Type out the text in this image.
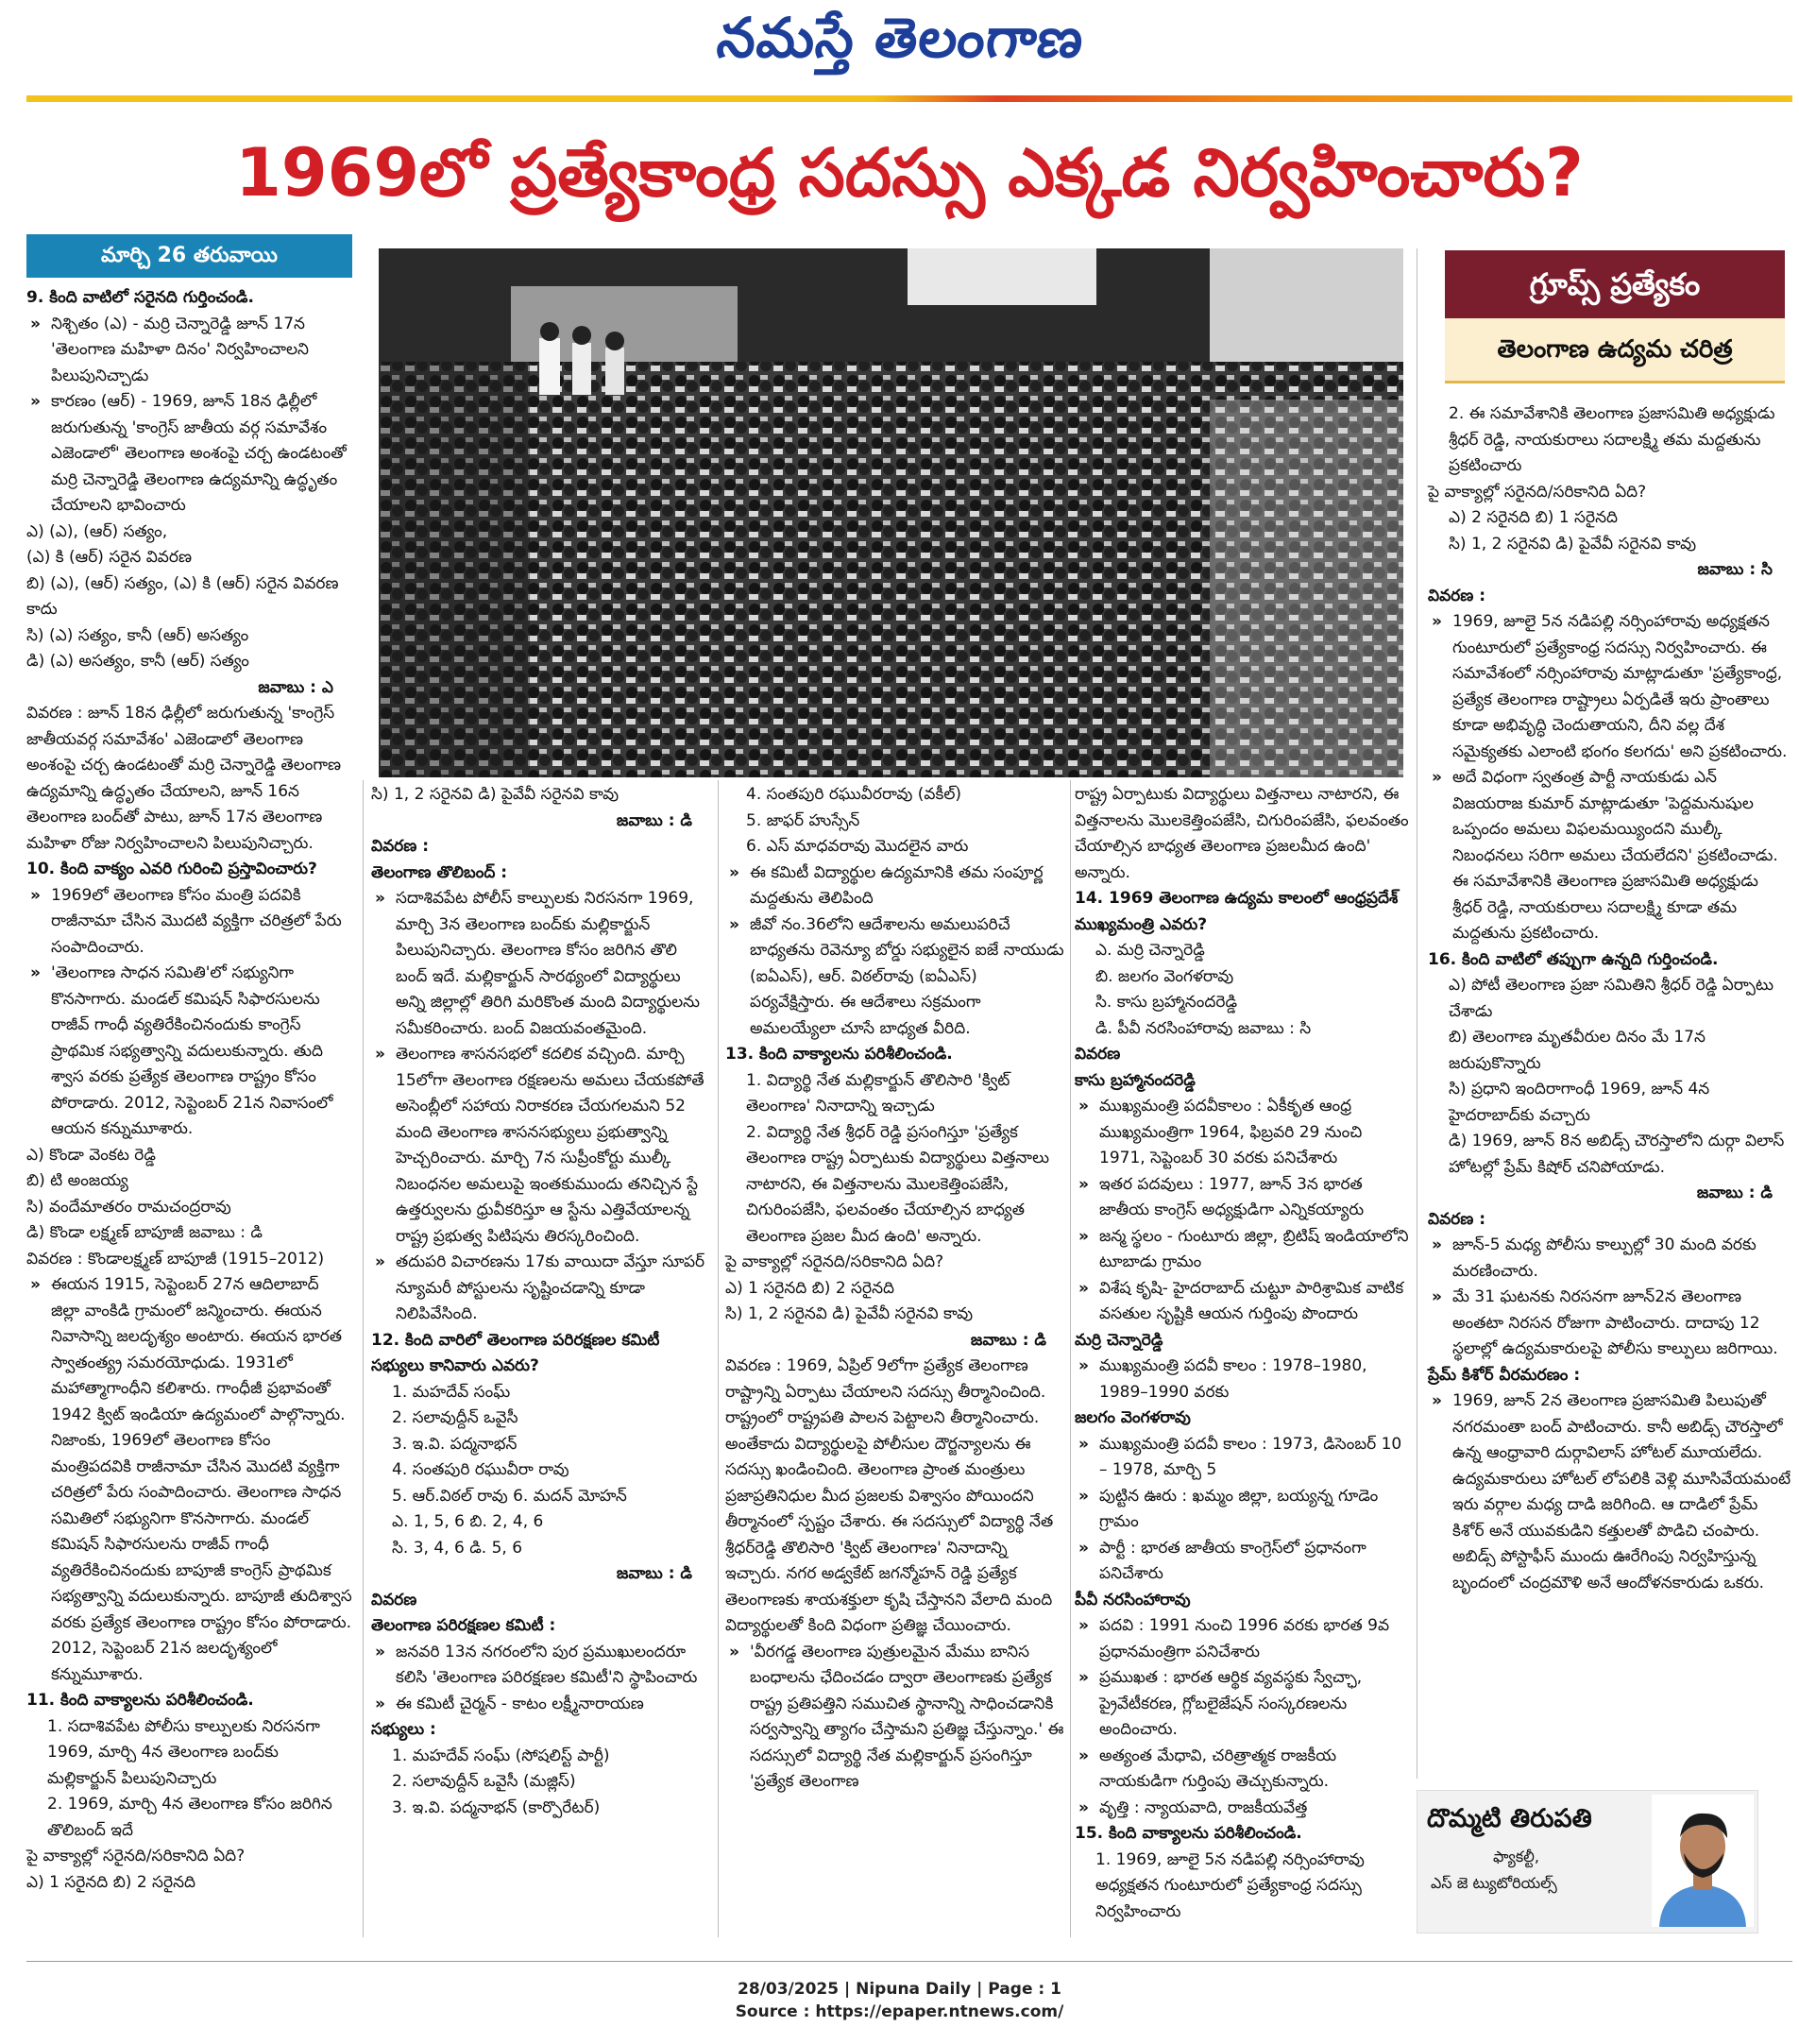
నమస్తే తెలంగాణ
1969లో ప్రత్యేకాంధ్ర సదస్సు ఎక్కడ నిర్వహించారు?
మార్చి 26 తరువాయి

9. కింది వాటిలో సరైనది గుర్తించండి.

» నిశ్చితం (ఎ) - మర్రి చెన్నారెడ్డి జూన్ 17న 'తెలంగాణ మహిళా దినం' నిర్వహించాలని పిలుపునిచ్చాడు

» కారణం (ఆర్) - 1969, జూన్ 18న ఢిల్లీలో జరుగుతున్న 'కాంగ్రెస్ జాతీయ వర్గ సమావేశం ఎజెండాలో' తెలంగాణ అంశంపై చర్చ ఉండటంతో మర్రి చెన్నారెడ్డి తెలంగాణ ఉద్యమాన్ని ఉద్ధృతం చేయాలని భావించారు

ఎ) (ఎ), (ఆర్) సత్యం,

(ఎ) కి (ఆర్) సరైన వివరణ

బి) (ఎ), (ఆర్) సత్యం, (ఎ) కి (ఆర్) సరైన వివరణ కాదు

సి) (ఎ) సత్యం, కానీ (ఆర్) అసత్యం

డి) (ఎ) అసత్యం, కానీ (ఆర్) సత్యం

జవాబు : ఎ

వివరణ : జూన్ 18న ఢిల్లీలో జరుగుతున్న 'కాంగ్రెస్ జాతీయవర్గ సమావేశం' ఎజెండాలో తెలంగాణ అంశంపై చర్చ ఉండటంతో మర్రి చెన్నారెడ్డి తెలంగాణ ఉద్యమాన్ని ఉద్ధృతం చేయాలని, జూన్ 16న తెలంగాణ బంద్‌తో పాటు, జూన్ 17న తెలంగాణ మహిళా రోజు నిర్వహించాలని పిలుపునిచ్చారు.

10. కింది వాక్యం ఎవరి గురించి ప్రస్తావించారు?

» 1969లో తెలంగాణ కోసం మంత్రి పదవికి రాజీనామా చేసిన మొదటి వ్యక్తిగా చరిత్రలో పేరు సంపాదించారు.

» 'తెలంగాణ సాధన సమితి'లో సభ్యునిగా కొనసాగారు. మండల్ కమిషన్ సిఫారసులను రాజీవ్ గాంధీ వ్యతిరేకించినందుకు కాంగ్రెస్ ప్రాథమిక సభ్యత్వాన్ని వదులుకున్నారు. తుది శ్వాస వరకు ప్రత్యేక తెలంగాణ రాష్ట్రం కోసం పోరాడారు. 2012, సెప్టెంబర్ 21న నివాసంలో ఆయన కన్నుమూశారు.

ఎ) కొండా వెంకట రెడ్డి

బి) టి అంజయ్య

సి) వందేమాతరం రామచంద్రరావు

డి) కొండా లక్ష్మణ్ బాపూజీ జవాబు : డి

వివరణ : కొండాలక్ష్మణ్ బాపూజీ (1915–2012)

» ఈయన 1915, సెప్టెంబర్ 27న ఆదిలాబాద్ జిల్లా వాంకిడి గ్రామంలో జన్మించారు. ఈయన నివాసాన్ని జలదృశ్యం అంటారు. ఈయన భారత స్వాతంత్య్ర సమరయోధుడు. 1931లో మహాత్మాగాంధీని కలిశారు. గాంధీజీ ప్రభావంతో 1942 క్విట్ ఇండియా ఉద్యమంలో పాల్గొన్నారు. నిజాంకు, 1969లో తెలంగాణ కోసం మంత్రిపదవికి రాజీనామా చేసిన మొదటి వ్యక్తిగా చరిత్రలో పేరు సంపాదించారు. తెలంగాణ సాధన సమితిలో సభ్యునిగా కొనసాగారు. మండల్ కమిషన్ సిఫారసులను రాజీవ్ గాంధీ వ్యతిరేకించినందుకు బాపూజీ కాంగ్రెస్ ప్రాథమిక సభ్యత్వాన్ని వదులుకున్నారు. బాపూజీ తుదిశ్వాస వరకు ప్రత్యేక తెలంగాణ రాష్ట్రం కోసం పోరాడారు. 2012, సెప్టెంబర్ 21న జలదృశ్యంలో కన్నుమూశారు.

11. కింది వాక్యాలను పరిశీలించండి.

1. సదాశివపేట పోలీసు కాల్పులకు నిరసనగా 1969, మార్చి 4న తెలంగాణ బంద్‌కు మల్లికార్జున్ పిలుపునిచ్చారు

2. 1969, మార్చి 4న తెలంగాణ కోసం జరిగిన తొలిబంద్ ఇదే

పై వాక్యాల్లో సరైనది/సరికానిది ఏది?

ఎ) 1 సరైనది బి) 2 సరైనది

సి) 1, 2 సరైనవి డి) పైవేవీ సరైనవి కావు

జవాబు : డి

వివరణ :

తెలంగాణ తొలిబంద్ :

» సదాశివపేట పోలీస్ కాల్పులకు నిరసనగా 1969, మార్చి 3న తెలంగాణ బంద్‌కు మల్లికార్జున్ పిలుపునిచ్చారు. తెలంగాణ కోసం జరిగిన తొలి బంద్ ఇదే. మల్లికార్జున్ సారథ్యంలో విద్యార్థులు అన్ని జిల్లాల్లో తిరిగి మరికొంత మంది విద్యార్థులను సమీకరించారు. బంద్ విజయవంతమైంది.

» తెలంగాణ శాసనసభలో కదలిక వచ్చింది. మార్చి 15లోగా తెలంగాణ రక్షణలను అమలు చేయకపోతే అసెంబ్లీలో సహాయ నిరాకరణ చేయగలమని 52 మంది తెలంగాణ శాసనసభ్యులు ప్రభుత్వాన్ని హెచ్చరించారు. మార్చి 7న సుప్రీంకోర్టు ముల్కీ నిబంధనల అమలుపై ఇంతకుముందు తనిచ్చిన స్టే ఉత్తర్వులను ధ్రువీకరిస్తూ ఆ స్టేను ఎత్తివేయాలన్న రాష్ట్ర ప్రభుత్వ పిటిషను తిరస్కరించింది.

» తదుపరి విచారణను 17కు వాయిదా వేస్తూ సూపర్ న్యూమరీ పోస్టులను సృష్టించడాన్ని కూడా నిలిపివేసింది.

12. కింది వారిలో తెలంగాణ పరిరక్షణల కమిటీ సభ్యులు కానివారు ఎవరు?

1. మహదేవ్ సంఘ్

2. సలావుద్దీన్ ఒవైసీ

3. ఇ.వి. పద్మనాభన్

4. సంతపురి రఘువీరా రావు

5. ఆర్.విఠల్ రావు 6. మదన్ మోహన్

ఎ. 1, 5, 6 బి. 2, 4, 6

సి. 3, 4, 6 డి. 5, 6

జవాబు : డి

వివరణ

తెలంగాణ పరిరక్షణల కమిటీ :

» జనవరి 13న నగరంలోని పుర ప్రముఖులందరూ కలిసి 'తెలంగాణ పరిరక్షణల కమిటీ'ని స్థాపించారు

» ఈ కమిటీ చైర్మన్ - కాటం లక్ష్మీనారాయణ

సభ్యులు :

1. మహదేవ్ సంఘ్ (సోషలిస్ట్ పార్టీ)

2. సలావుద్దీన్ ఒవైసీ (మజ్లిస్)

3. ఇ.వి. పద్మనాభన్ (కార్పొరేటర్)

4. సంతపురి రఘువీరరావు (వకీల్)

5. జాఫర్ హుస్సేన్

6. ఎస్ మాధవరావు మొదలైన వారు

» ఈ కమిటీ విద్యార్థుల ఉద్యమానికి తమ సంపూర్ణ మద్దతును తెలిపింది

» జీవో నం.36లోని ఆదేశాలను అమలుపరిచే బాధ్యతను రెవెన్యూ బోర్డు సభ్యులైన ఐజే నాయుడు (ఐఏఎస్), ఆర్. విఠల్‌రావు (ఐఏఎస్) పర్యవేక్షిస్తారు. ఈ ఆదేశాలు సక్రమంగా అమలయ్యేలా చూసే బాధ్యత వీరిది.

13. కింది వాక్యాలను పరిశీలించండి.

1. విద్యార్థి నేత మల్లికార్జున్ తొలిసారి 'క్విట్ తెలంగాణ' నినాదాన్ని ఇచ్చాడు

2. విద్యార్థి నేత శ్రీధర్ రెడ్డి ప్రసంగిస్తూ 'ప్రత్యేక తెలంగాణ రాష్ట్ర ఏర్పాటుకు విద్యార్థులు విత్తనాలు నాటారని, ఈ విత్తనాలను మొలకెత్తింపజేసి, చిగురింపజేసి, ఫలవంతం చేయాల్సిన బాధ్యత తెలంగాణ ప్రజల మీద ఉంది' అన్నారు.

పై వాక్యాల్లో సరైనది/సరికానిది ఏది?

ఎ) 1 సరైనది బి) 2 సరైనది

సి) 1, 2 సరైనవి డి) పైవేవీ సరైనవి కావు

జవాబు : డి

వివరణ : 1969, ఏప్రిల్ 9లోగా ప్రత్యేక తెలంగాణ రాష్ట్రాన్ని ఏర్పాటు చేయాలని సదస్సు తీర్మానించింది. రాష్ట్రంలో రాష్ట్రపతి పాలన పెట్టాలని తీర్మానించారు. అంతేకాదు విద్యార్థులపై పోలీసుల దౌర్జన్యాలను ఈ సదస్సు ఖండించింది. తెలంగాణ ప్రాంత మంత్రులు ప్రజాప్రతినిధుల మీద ప్రజలకు విశ్వాసం పోయిందని తీర్మానంలో స్పష్టం చేశారు. ఈ సదస్సులో విద్యార్థి నేత శ్రీధర్‌రెడ్డి తొలిసారి 'క్విట్ తెలంగాణ' నినాదాన్ని ఇచ్చారు. నగర అడ్వకేట్ జగన్మోహన్ రెడ్డి ప్రత్యేక తెలంగాణకు శాయశక్తులా కృషి చేస్తానని వేలాది మంది విద్యార్థులతో కింది విధంగా ప్రతిజ్ఞ చేయించారు.

» 'వీరగడ్డ తెలంగాణ పుత్రులమైన మేము బానిస బంధాలను ఛేదించడం ద్వారా తెలంగాణకు ప్రత్యేక రాష్ట్ర ప్రతిపత్తిని సముచిత స్థానాన్ని సాధించడానికి సర్వస్వాన్ని త్యాగం చేస్తామని ప్రతిజ్ఞ చేస్తున్నాం.' ఈ సదస్సులో విద్యార్థి నేత మల్లికార్జున్ ప్రసంగిస్తూ 'ప్రత్యేక తెలంగాణ

రాష్ట్ర ఏర్పాటుకు విద్యార్థులు విత్తనాలు నాటారని, ఈ విత్తనాలను మొలకెత్తింపజేసి, చిగురింపజేసి, ఫలవంతం చేయాల్సిన బాధ్యత తెలంగాణ ప్రజలమీద ఉంది' అన్నారు.

14. 1969 తెలంగాణ ఉద్యమ కాలంలో ఆంధ్రప్రదేశ్ ముఖ్యమంత్రి ఎవరు?

ఎ. మర్రి చెన్నారెడ్డి

బి. జలగం వెంగళరావు

సి. కాసు బ్రహ్మానందరెడ్డి

డి. పీవీ నరసింహారావు జవాబు : సి

వివరణ

కాసు బ్రహ్మానందరెడ్డి

» ముఖ్యమంత్రి పదవీకాలం : ఏకీకృత ఆంధ్ర ముఖ్యమంత్రిగా 1964, ఫిబ్రవరి 29 నుంచి 1971, సెప్టెంబర్ 30 వరకు పనిచేశారు

» ఇతర పదవులు : 1977, జూన్ 3న భారత జాతీయ కాంగ్రెస్ అధ్యక్షుడిగా ఎన్నికయ్యారు

» జన్మ స్థలం - గుంటూరు జిల్లా, బ్రిటిష్ ఇండియాలోని టూబాడు గ్రామం

» విశేష కృషి- హైదరాబాద్ చుట్టూ పారిశ్రామిక వాటిక వసతుల సృష్టికి ఆయన గుర్తింపు పొందారు

మర్రి చెన్నారెడ్డి

» ముఖ్యమంత్రి పదవీ కాలం : 1978–1980, 1989–1990 వరకు

జలగం వెంగళరావు

» ముఖ్యమంత్రి పదవీ కాలం : 1973, డిసెంబర్ 10 – 1978, మార్చి 5

» పుట్టిన ఊరు : ఖమ్మం జిల్లా, బయ్యన్న గూడెం గ్రామం

» పార్టీ : భారత జాతీయ కాంగ్రెస్‌లో ప్రధానంగా పనిచేశారు

పీవీ నరసింహారావు

» పదవి : 1991 నుంచి 1996 వరకు భారత 9వ ప్రధానమంత్రిగా పనిచేశారు

» ప్రముఖత : భారత ఆర్థిక వ్యవస్థకు స్వేచ్ఛా, ప్రైవేటీకరణ, గ్లోబలైజేషన్ సంస్కరణలను అందించారు.

» అత్యంత మేధావి, చరిత్రాత్మక రాజకీయ నాయకుడిగా గుర్తింపు తెచ్చుకున్నారు.

» వృత్తి : న్యాయవాది, రాజకీయవేత్త

15. కింది వాక్యాలను పరిశీలించండి.

1. 1969, జూలై 5న నడిపల్లి నర్సింహారావు అధ్యక్షతన గుంటూరులో ప్రత్యేకాంధ్ర సదస్సు నిర్వహించారు

గ్రూప్స్ ప్రత్యేకం
తెలంగాణ ఉద్యమ చరిత్ర

2. ఈ సమావేశానికి తెలంగాణ ప్రజాసమితి అధ్యక్షుడు శ్రీధర్ రెడ్డి, నాయకురాలు సదాలక్ష్మి తమ మద్దతును ప్రకటించారు

పై వాక్యాల్లో సరైనది/సరికానిది ఏది?

ఎ) 2 సరైనది బి) 1 సరైనది

సి) 1, 2 సరైనవి డి) పైవేవీ సరైనవి కావు

జవాబు : సి

వివరణ :

» 1969, జూలై 5న నడిపల్లి నర్సింహారావు అధ్యక్షతన గుంటూరులో ప్రత్యేకాంధ్ర సదస్సు నిర్వహించారు. ఈ సమావేశంలో నర్సింహారావు మాట్లాడుతూ 'ప్రత్యేకాంధ్ర, ప్రత్యేక తెలంగాణ రాష్ట్రాలు ఏర్పడితే ఇరు ప్రాంతాలు కూడా అభివృద్ధి చెందుతాయని, దీని వల్ల దేశ సమైక్యతకు ఎలాంటి భంగం కలగదు' అని ప్రకటించారు.

» అదే విధంగా స్వతంత్ర పార్టీ నాయకుడు ఎన్ విజయరాజ కుమార్ మాట్లాడుతూ 'పెద్దమనుషుల ఒప్పందం అమలు విఫలమయ్యిందని ముల్కీ నిబంధనలు సరిగా అమలు చేయలేదని' ప్రకటించాడు. ఈ సమావేశానికి తెలంగాణ ప్రజాసమితి అధ్యక్షుడు శ్రీధర్ రెడ్డి, నాయకురాలు సదాలక్ష్మి కూడా తమ మద్దతును ప్రకటించారు.

16. కింది వాటిలో తప్పుగా ఉన్నది గుర్తించండి.

ఎ) పోటీ తెలంగాణ ప్రజా సమితిని శ్రీధర్ రెడ్డి ఏర్పాటు చేశాడు

బి) తెలంగాణ మృతవీరుల దినం మే 17న జరుపుకొన్నారు

సి) ప్రధాని ఇందిరాగాంధీ 1969, జూన్ 4న హైదరాబాద్‌కు వచ్చారు

డి) 1969, జూన్ 8న అబిడ్స్ చౌరస్తాలోని దుర్గా విలాస్ హోటల్లో ప్రేమ్ కిషోర్ చనిపోయాడు.

జవాబు : డి

వివరణ :

» జూన్-5 మధ్య పోలీసు కాల్పుల్లో 30 మంది వరకు మరణించారు.

» మే 31 ఘటనకు నిరసనగా జూన్2న తెలంగాణ అంతటా నిరసన రోజుగా పాటించారు. దాదాపు 12 స్థలాల్లో ఉద్యమకారులపై పోలీసు కాల్పులు జరిగాయి.

ప్రేమ్ కిశోర్ వీరమరణం :

» 1969, జూన్ 2న తెలంగాణ ప్రజాసమితి పిలుపుతో నగరమంతా బంద్ పాటించారు. కానీ అబిడ్స్ చౌరస్తాలో ఉన్న ఆంధ్రావారి దుర్గావిలాస్ హోటల్ మూయలేదు. ఉద్యమకారులు హోటల్ లోపలికి వెళ్లి మూసివేయమంటే ఇరు వర్గాల మధ్య దాడి జరిగింది. ఆ దాడిలో ప్రేమ్ కిశోర్ అనే యువకుడిని కత్తులతో పొడిచి చంపారు. అబిడ్స్ పోస్టాఫీస్ ముందు ఊరేగింపు నిర్వహిస్తున్న బృందంలో చంద్రమౌళి అనే ఆందోళనకారుడు ఒకరు.

దొమ్మటి తిరుపతి
ఫ్యాకల్టీ,
ఎస్ జె ట్యుటోరియల్స్
28/03/2025 | Nipuna Daily | Page : 1
Source : https://epaper.ntnews.com/
